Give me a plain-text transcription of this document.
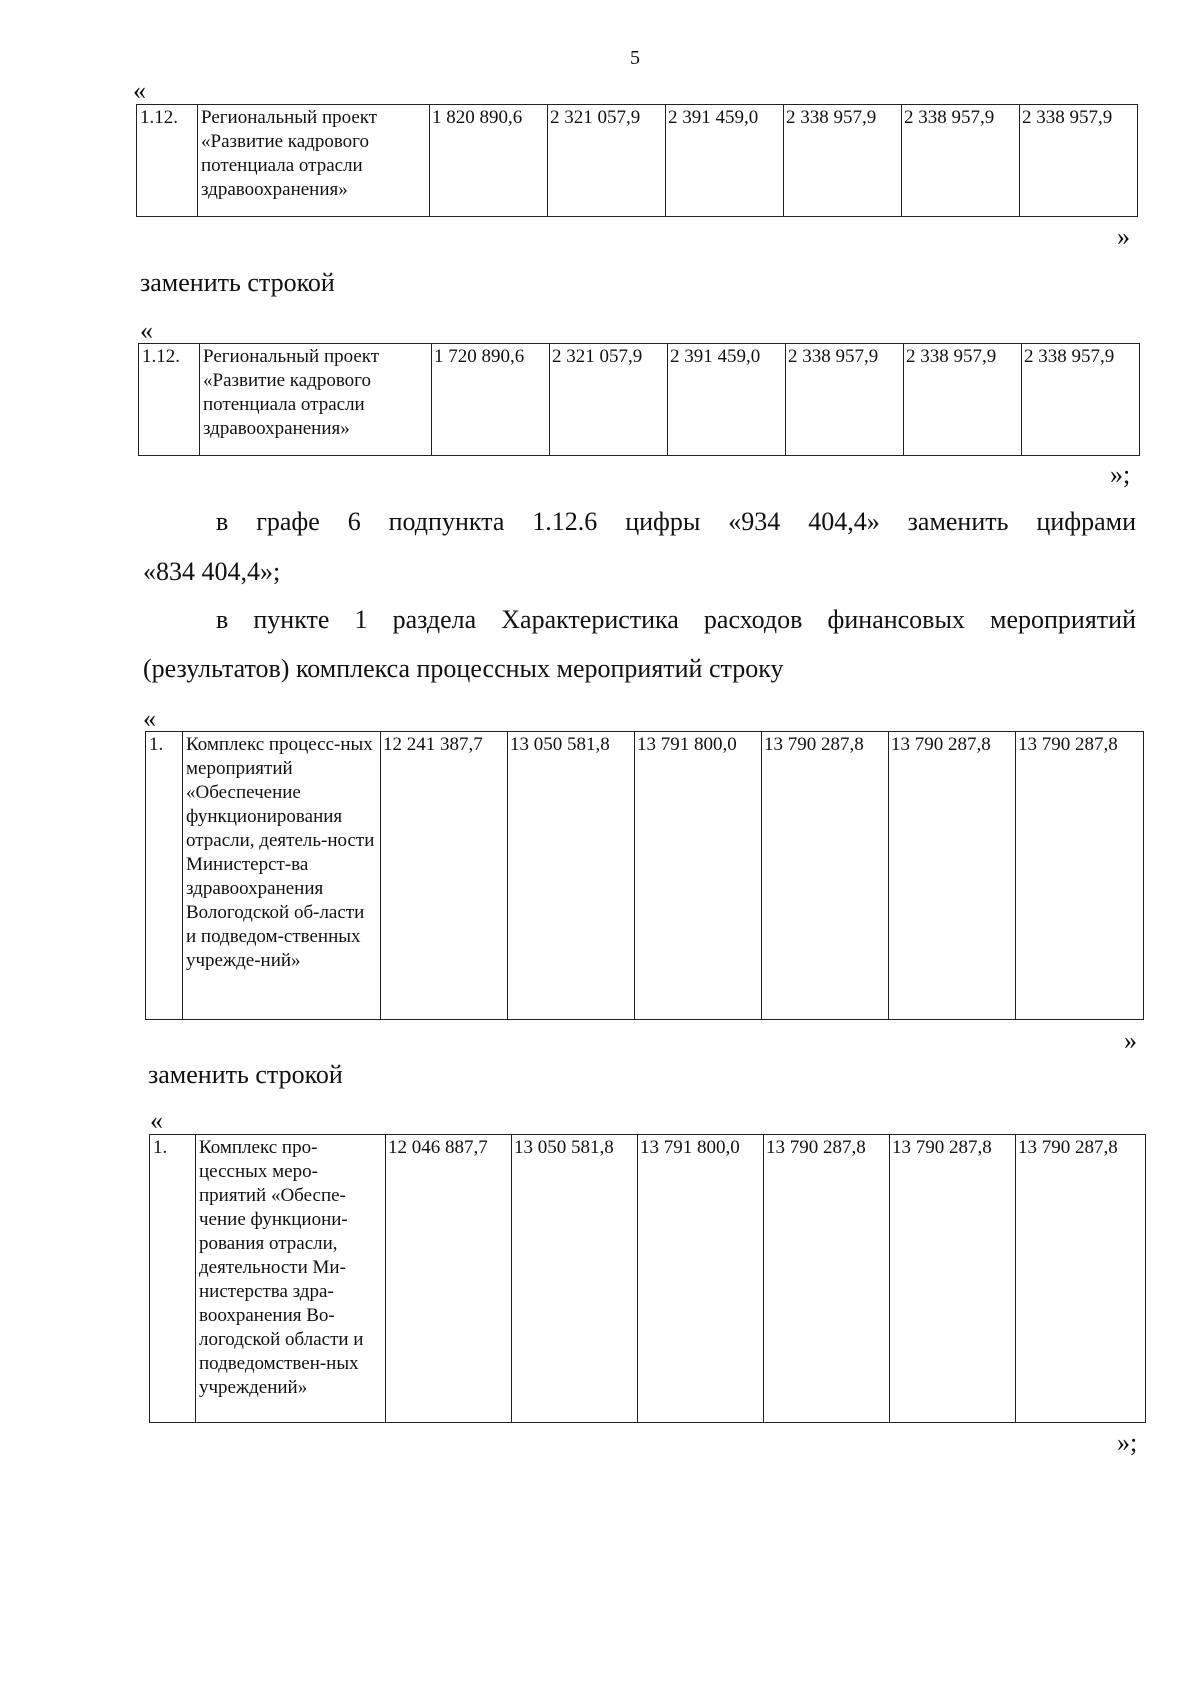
5
«
1.12.	Региональный проект «Развитие кадрового потенциала отрасли здравоохранения»	1 820 890,6	2 321 057,9	2 391 459,0	2 338 957,9	2 338 957,9	2 338 957,9
»
заменить строкой
«
1.12.	Региональный проект «Развитие кадрового потенциала отрасли здравоохранения»	1 720 890,6	2 321 057,9	2 391 459,0	2 338 957,9	2 338 957,9	2 338 957,9
»;
в графе 6 подпункта 1.12.6 цифры «934 404,4» заменить цифрами
«834 404,4»;
в пункте 1 раздела Характеристика расходов финансовых мероприятий
(результатов) комплекса процессных мероприятий строку
«
1.	Комплекс процесс-ных мероприятий «Обеспечение функционирования отрасли, деятель-ности Министерст-ва здравоохранения Вологодской об-ласти и подведом-ственных учрежде-ний»	12 241 387,7	13 050 581,8	13 791 800,0	13 790 287,8	13 790 287,8	13 790 287,8
»
заменить строкой
«
1.	Комплекс про-цессных меро-приятий «Обеспе-чение функциони-рования отрасли, деятельности Ми-нистерства здра-воохранения Во-логодской области и подведомствен-ных учреждений»	12 046 887,7	13 050 581,8	13 791 800,0	13 790 287,8	13 790 287,8	13 790 287,8
»;
